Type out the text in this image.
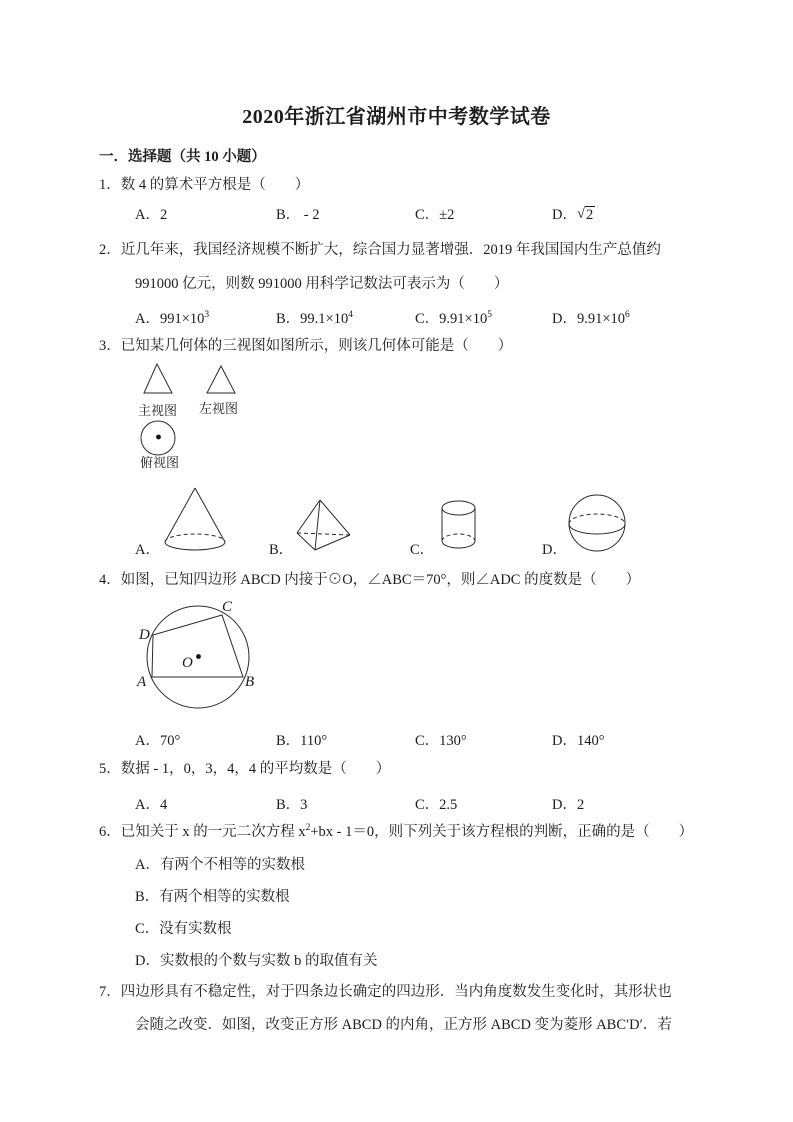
2020年浙江省湖州市中考数学试卷
一．选择题（共 10 小题）
1．数 4 的算术平方根是（　　）
A．2	B． - 2	C．±2	D．√2
2．近几年来，我国经济规模不断扩大，综合国力显著增强．2019 年我国国内生产总值约
991000 亿元，则数 991000 用科学记数法可表示为（　　）
A．$991\times 10^3$	B．$99.1\times 10^4$	C．$9.91\times 10^5$	D．$9.91\times 10^6$
3．已知某几何体的三视图如图所示，则该几何体可能是（　　）
主视图 左视图
俯视图
A．	B．	C．	D．
4．如图，已知四边形 ABCD 内接于⊙O，∠ABC＝70°，则∠ADC 的度数是（　　）
A	B
C
D
O
A．70°	B．110°	C．130°	D．140°
5．数据 - 1，0，3，4，4 的平均数是（　　）
A．4	B．3	C．2.5	D．2
6．已知关于 x 的一元二次方程 $x^2+bx - 1=0$，则下列关于该方程根的判断，正确的是（　　）
A．有两个不相等的实数根
B．有两个相等的实数根
C．没有实数根
D．实数根的个数与实数 b 的取值有关
7．四边形具有不稳定性，对于四条边长确定的四边形．当内角度数发生变化时，其形状也
会随之改变．如图，改变正方形 ABCD 的内角，正方形 ABCD 变为菱形 ABC′D′．若
